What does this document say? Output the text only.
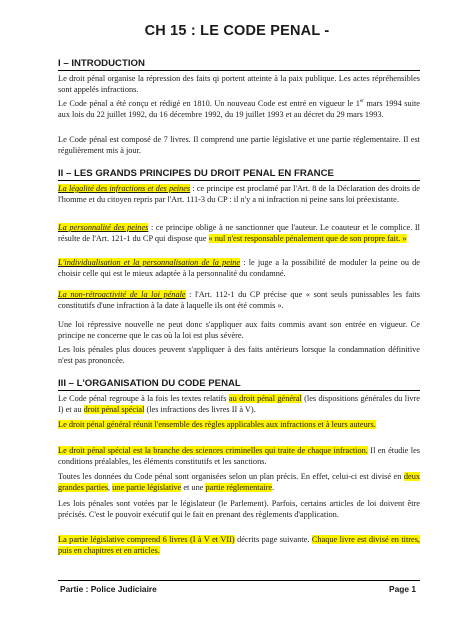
CH 15 : LE CODE PENAL -
I – INTRODUCTION

Le droit pénal organise la répression des faits qi portent atteinte à la paix publique. Les actes répréhensibles sont appelés infractions.

Le Code pénal a été conçu et rédigé en 1810. Un nouveau Code est entré en vigueur le 1er mars 1994 suite aux lois du 22 juillet 1992, du 16 décembre 1992, du 19 juillet 1993 et au décret du 29 mars 1993.

Le Code pénal est composé de 7 livres. Il comprend une partie législative et une partie réglementaire. Il est régulièrement mis à jour.

II – LES GRANDS PRINCIPES DU DROIT PENAL EN FRANCE

La légalité des infractions et des peines : ce principe est proclamé par l'Art. 8 de la Déclaration des droits de l'homme et du citoyen repris par l'Art. 111-3 du CP : il n'y a ni infraction ni peine sans loi préexistante.

La personnalité des peines : ce principe oblige à ne sanctionner que l'auteur. Le coauteur et le complice. Il résulte de l'Art. 121-1 du CP qui dispose que « nul n'est responsable pénalement que de son propre fait. »

L'individualisation et la personnalisation de la peine : le juge a la possibilité de moduler la peine ou de choisir celle qui est le mieux adaptée à la personnalité du condamné.

La non-rétroactivité de la loi pénale : l'Art. 112-1 du CP précise que « sont seuls punissables les faits constitutifs d'une infraction à la date à laquelle ils ont été commis ».

Une loi répressive nouvelle ne peut donc s'appliquer aux faits commis avant son entrée en vigueur. Ce principe ne concerne que le cas où la loi est plus sévère.

Les lois pénales plus douces peuvent s'appliquer à des faits antérieurs lorsque la condamnation définitive n'est pas prononcée.

III – L'ORGANISATION DU CODE PENAL

Le Code pénal regroupe à la fois les textes relatifs au droit pénal général (les dispositions générales du livre I) et au droit pénal spécial (les infractions des livres II à V).

Le droit pénal général réunit l'ensemble des règles applicables aux infractions et à leurs auteurs.

Le droit pénal spécial est la branche des sciences criminelles qui traite de chaque infraction. Il en étudie les conditions préalables, les éléments constitutifs et les sanctions.

Toutes les données du Code pénal sont organisées selon un plan précis. En effet, celui-ci est divisé en deux grandes parties, une partie législative et une partie réglementaire.

Les lois pénales sont votées par le législateur (le Parlement). Parfois, certains articles de loi doivent être précisés. C'est le pouvoir exécutif qui le fait en prenant des règlements d'application.

La partie législative comprend 6 livres (I à V et VII) décrits page suivante. Chaque livre est divisé en titres, puis en chapitres et en articles.

Partie : Police Judiciaire	Page 1
